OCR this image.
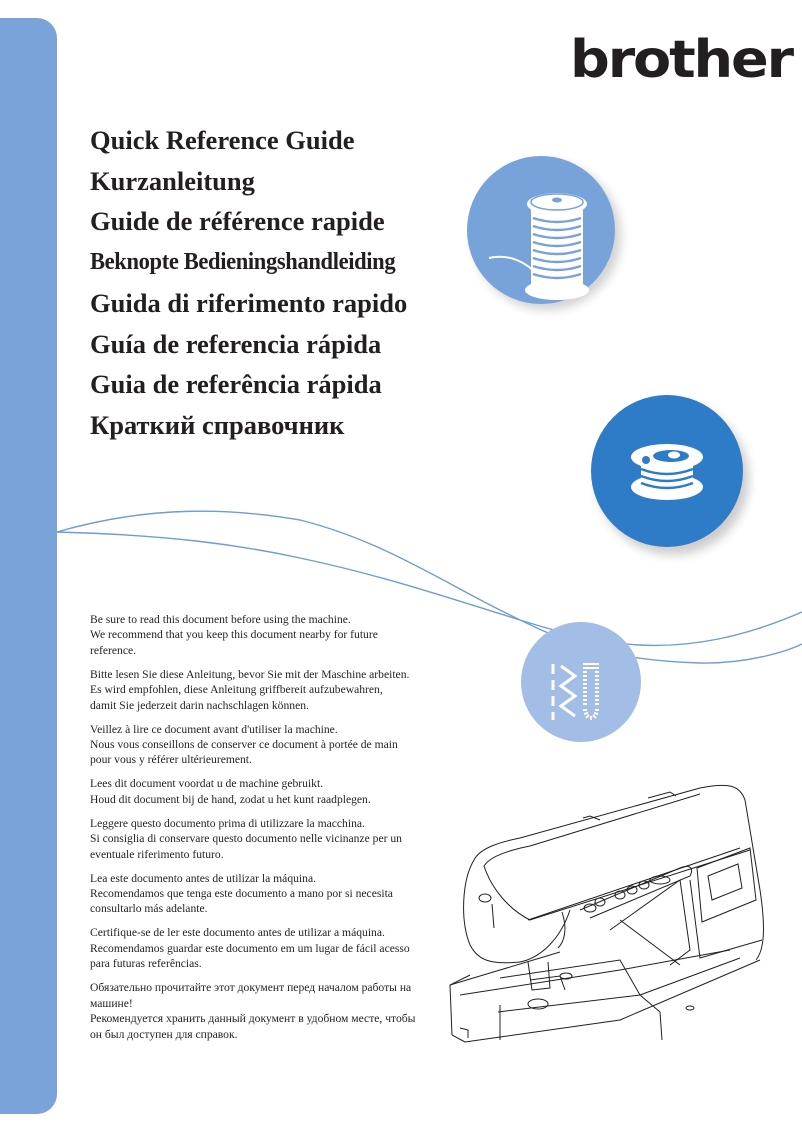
brother

Quick Reference Guide

Kurzanleitung

Guide de référence rapide

Beknopte Bedieningshandleiding

Guida di riferimento rapido

Guía de referencia rápida

Guia de referência rápida

Краткий справочник

Be sure to read this document before using the machine.
We recommend that you keep this document nearby for future
reference.

Bitte lesen Sie diese Anleitung, bevor Sie mit der Maschine arbeiten.
Es wird empfohlen, diese Anleitung griffbereit aufzubewahren,
damit Sie jederzeit darin nachschlagen können.

Veillez à lire ce document avant d'utiliser la machine.
Nous vous conseillons de conserver ce document à portée de main
pour vous y référer ultérieurement.

Lees dit document voordat u de machine gebruikt.
Houd dit document bij de hand, zodat u het kunt raadplegen.

Leggere questo documento prima di utilizzare la macchina.
Si consiglia di conservare questo documento nelle vicinanze per un
eventuale riferimento futuro.

Lea este documento antes de utilizar la máquina.
Recomendamos que tenga este documento a mano por si necesita
consultarlo más adelante.

Certifique-se de ler este documento antes de utilizar a máquina.
Recomendamos guardar este documento em um lugar de fácil acesso
para futuras referências.

Обязательно прочитайте этот документ перед началом работы на
машине!
Рекомендуется хранить данный документ в удобном месте, чтобы
он был доступен для справок.
